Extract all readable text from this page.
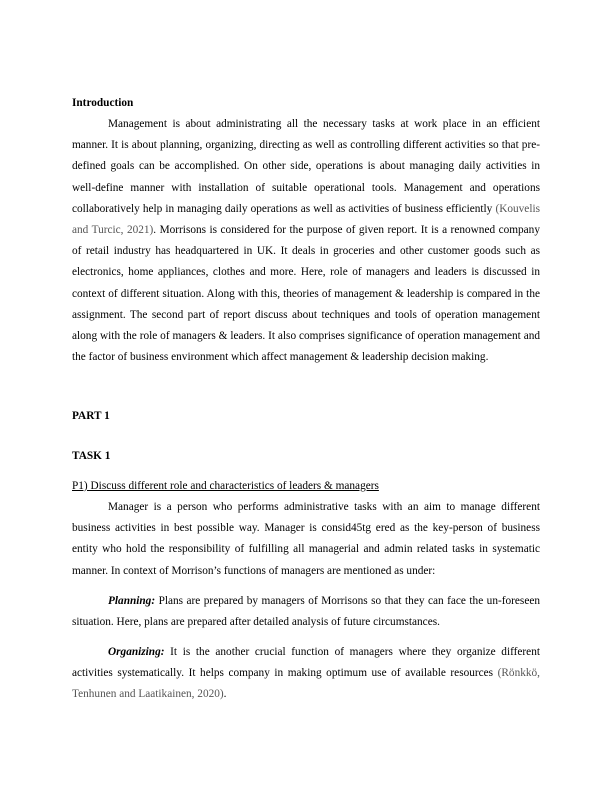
Introduction
Management is about administrating all the necessary tasks at work place in an efficient manner. It is about planning, organizing, directing as well as controlling different activities so that pre-defined goals can be accomplished. On other side, operations is about managing daily activities in well-define manner with installation of suitable operational tools. Management and operations collaboratively help in managing daily operations as well as activities of business efficiently (Kouvelis and Turcic, 2021). Morrisons is considered for the purpose of given report. It is a renowned company of retail industry has headquartered in UK. It deals in groceries and other customer goods such as electronics, home appliances, clothes and more. Here, role of managers and leaders is discussed in context of different situation. Along with this, theories of management & leadership is compared in the assignment. The second part of report discuss about techniques and tools of operation management along with the role of managers & leaders. It also comprises significance of operation management and the factor of business environment which affect management & leadership decision making.
PART 1
TASK 1
P1) Discuss different role and characteristics of leaders & managers
Manager is a person who performs administrative tasks with an aim to manage different business activities in best possible way. Manager is consid45tg ered as the key-person of business entity who hold the responsibility of fulfilling all managerial and admin related tasks in systematic manner. In context of Morrison’s functions of managers are mentioned as under:
Planning: Plans are prepared by managers of Morrisons so that they can face the un-foreseen situation. Here, plans are prepared after detailed analysis of future circumstances.
Organizing: It is the another crucial function of managers where they organize different activities systematically. It helps company in making optimum use of available resources (Rönkkö, Tenhunen and Laatikainen, 2020).
